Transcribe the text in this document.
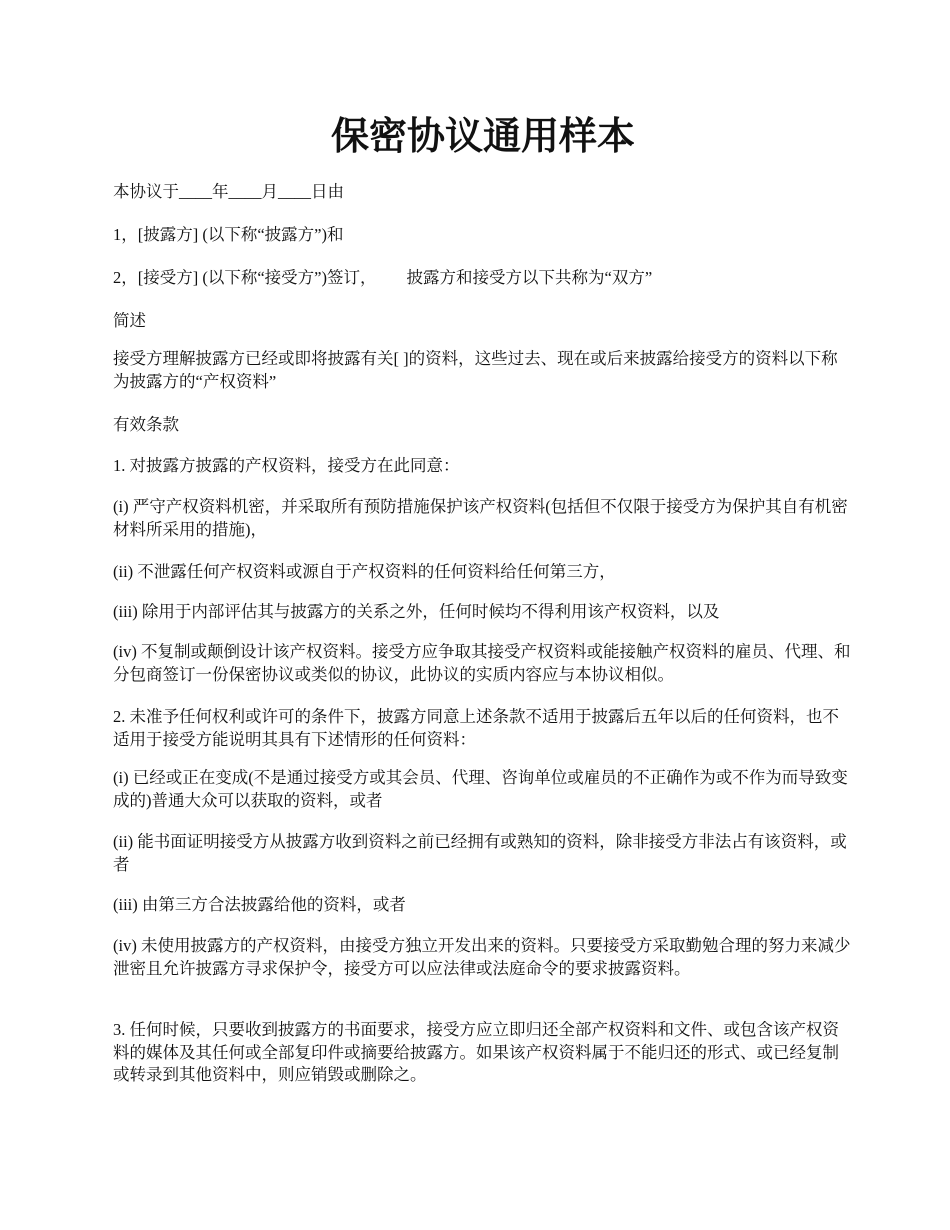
保密协议通用样本

本协议于____年____月____日由

1，[披露方] (以下称“披露方”)和

2，[接受方] (以下称“接受方”)签订， 披露方和接受方以下共称为“双方”

简述

接受方理解披露方已经或即将披露有关[ ]的资料，这些过去、现在或后来披露给接受方的资料以下称为披露方的“产权资料”

有效条款

1. 对披露方披露的产权资料，接受方在此同意：

(i) 严守产权资料机密，并采取所有预防措施保护该产权资料(包括但不仅限于接受方为保护其自有机密材料所采用的措施)，

(ii) 不泄露任何产权资料或源自于产权资料的任何资料给任何第三方，

(iii) 除用于内部评估其与披露方的关系之外，任何时候均不得利用该产权资料，以及

(iv) 不复制或颠倒设计该产权资料。接受方应争取其接受产权资料或能接触产权资料的雇员、代理、和分包商签订一份保密协议或类似的协议，此协议的实质内容应与本协议相似。

2. 未准予任何权利或许可的条件下，披露方同意上述条款不适用于披露后五年以后的任何资料，也不适用于接受方能说明其具有下述情形的任何资料：

(i) 已经或正在变成(不是通过接受方或其会员、代理、咨询单位或雇员的不正确作为或不作为而导致变成的)普通大众可以获取的资料，或者

(ii) 能书面证明接受方从披露方收到资料之前已经拥有或熟知的资料，除非接受方非法占有该资料，或者

(iii) 由第三方合法披露给他的资料，或者

(iv) 未使用披露方的产权资料，由接受方独立开发出来的资料。只要接受方采取勤勉合理的努力来减少泄密且允许披露方寻求保护令，接受方可以应法律或法庭命令的要求披露资料。

3. 任何时候，只要收到披露方的书面要求，接受方应立即归还全部产权资料和文件、或包含该产权资料的媒体及其任何或全部复印件或摘要给披露方。如果该产权资料属于不能归还的形式、或已经复制或转录到其他资料中，则应销毁或删除之。
